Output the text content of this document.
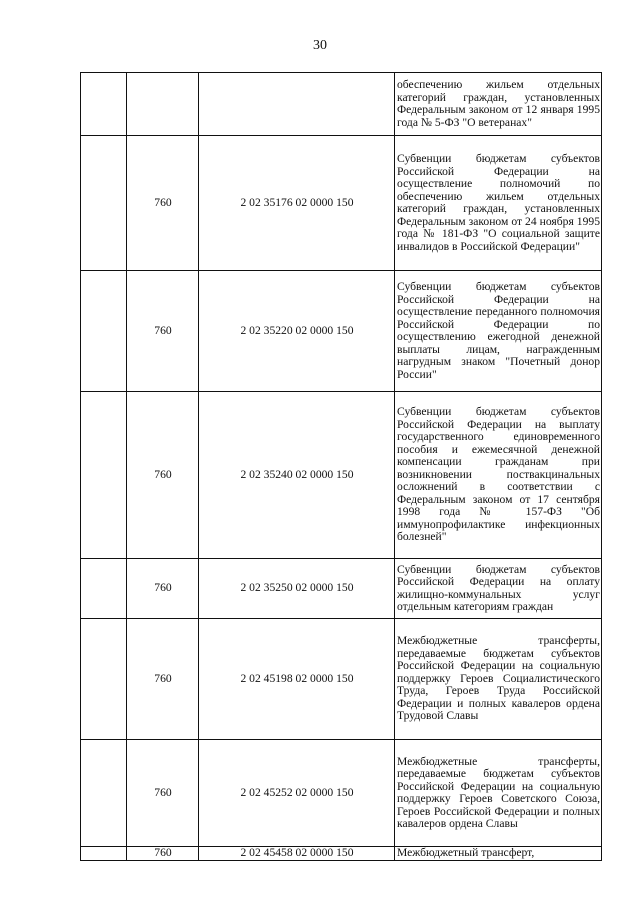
30

			обеспечению жильем отдельных категорий граждан, установленных Федеральным законом от 12 января 1995 года № 5-ФЗ "О ветеранах"

	760	2 02 35176 02 0000 150	Субвенции бюджетам субъектов Российской Федерации на осуществление полномочий по обеспечению жильем отдельных категорий граждан, установленных Федеральным законом от 24 ноября 1995 года № 181-ФЗ "О социальной защите инвалидов в Российской Федерации"

	760	2 02 35220 02 0000 150	Субвенции бюджетам субъектов Российской Федерации на осуществление переданного полномочия Российской Федерации по осуществлению ежегодной денежной выплаты лицам, награжденным нагрудным знаком "Почетный донор России"

	760	2 02 35240 02 0000 150	Субвенции бюджетам субъектов Российской Федерации на выплату государственного единовременного пособия и ежемесячной денежной компенсации гражданам при возникновении поствакцинальных осложнений в соответствии с Федеральным законом от 17 сентября 1998 года № 157-ФЗ "Об иммунопрофилактике инфекционных болезней"

	760	2 02 35250 02 0000 150	Субвенции бюджетам субъектов Российской Федерации на оплату жилищно-коммунальных услуг отдельным категориям граждан

	760	2 02 45198 02 0000 150	Межбюджетные трансферты, передаваемые бюджетам субъектов Российской Федерации на социальную поддержку Героев Социалистического Труда, Героев Труда Российской Федерации и полных кавалеров ордена Трудовой Славы

	760	2 02 45252 02 0000 150	Межбюджетные трансферты, передаваемые бюджетам субъектов Российской Федерации на социальную поддержку Героев Советского Союза, Героев Российской Федерации и полных кавалеров ордена Славы

	760	2 02 45458 02 0000 150	Межбюджетный трансферт,
